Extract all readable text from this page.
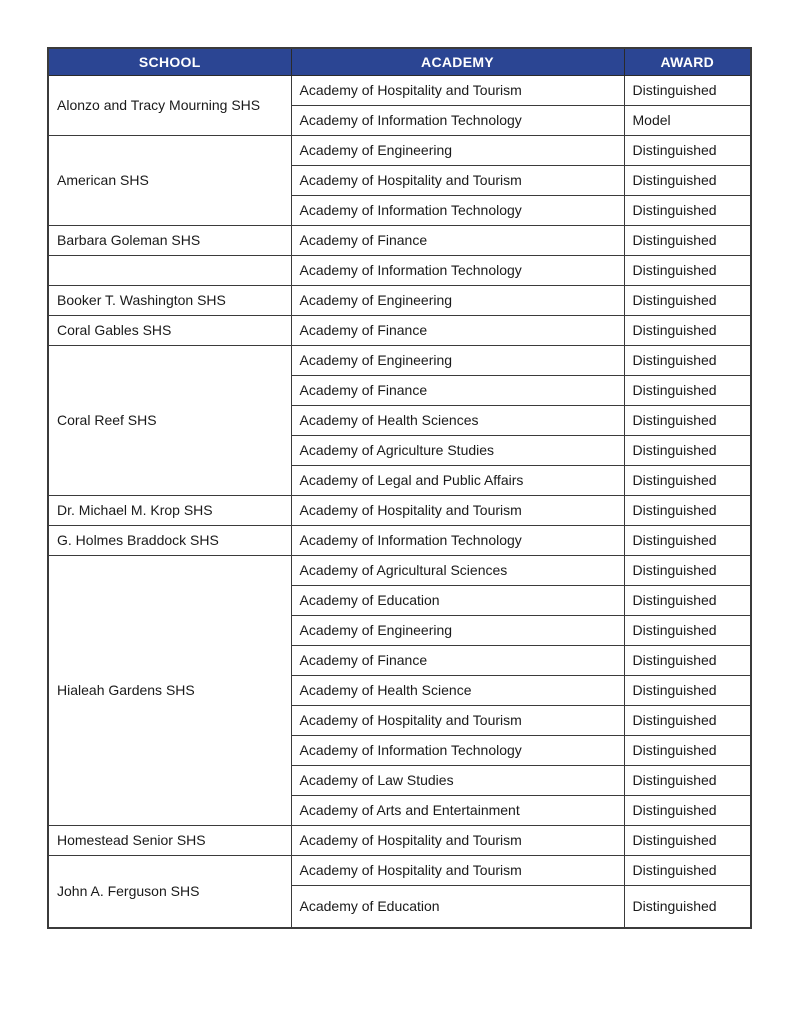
SCHOOL	ACADEMY	AWARD
Alonzo and Tracy Mourning SHS	Academy of Hospitality and Tourism	Distinguished
	Academy of Information Technology	Model
American SHS	Academy of Engineering	Distinguished
	Academy of Hospitality and Tourism	Distinguished
	Academy of Information Technology	Distinguished
Barbara Goleman SHS	Academy of Finance	Distinguished
	Academy of Information Technology	Distinguished
Booker T. Washington SHS	Academy of Engineering	Distinguished
Coral Gables SHS	Academy of Finance	Distinguished
Coral Reef SHS	Academy of Engineering	Distinguished
	Academy of Finance	Distinguished
	Academy of Health Sciences	Distinguished
	Academy of Agriculture Studies	Distinguished
	Academy of Legal and Public Affairs	Distinguished
Dr. Michael M. Krop SHS	Academy of Hospitality and Tourism	Distinguished
G. Holmes Braddock SHS	Academy of Information Technology	Distinguished
Hialeah Gardens SHS	Academy of Agricultural Sciences	Distinguished
	Academy of Education	Distinguished
	Academy of Engineering	Distinguished
	Academy of Finance	Distinguished
	Academy of Health Science	Distinguished
	Academy of Hospitality and Tourism	Distinguished
	Academy of Information Technology	Distinguished
	Academy of Law Studies	Distinguished
	Academy of Arts and Entertainment	Distinguished
Homestead Senior SHS	Academy of Hospitality and Tourism	Distinguished
John A. Ferguson SHS	Academy of Hospitality and Tourism	Distinguished
	Academy of Education	Distinguished
